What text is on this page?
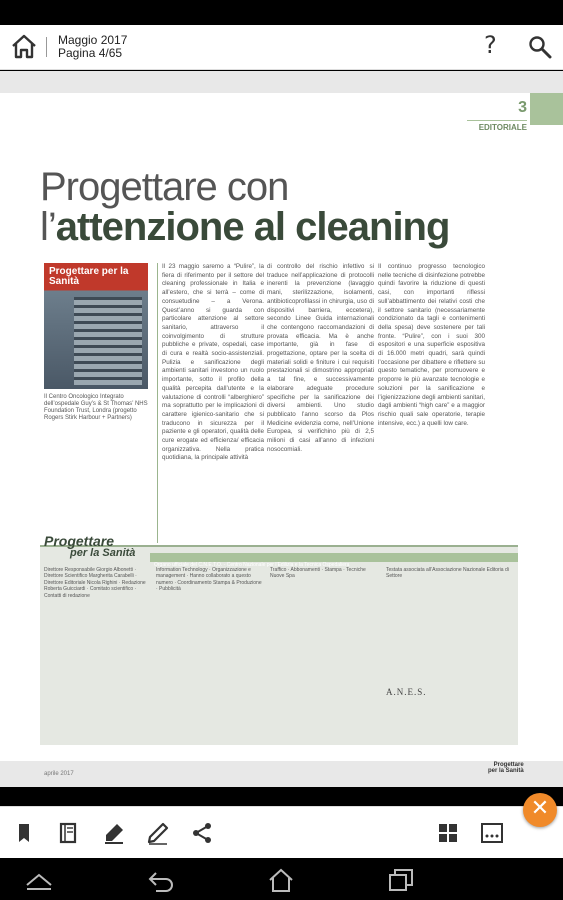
Maggio 2017
Pagina 4/65	?
3
EDITORIALE
Progettare con
l’attenzione al cleaning
Progettare per la Sanità
Il Centro Oncologico Integrato dell’ospedale Guy’s & St Thomas’ NHS Foundation Trust, Londra (progetto Rogers Stirk Harbour + Partners)

Il 23 maggio saremo a “Pulire”, la fiera di riferimento per il settore del cleaning professionale in Italia e all’estero, che si terrà – come di consuetudine – a Verona. Quest’anno si guarda con particolare attenzione al settore sanitario, attraverso il coinvolgimento di strutture pubbliche e private, ospedali, case di cura e realtà socio-assistenziali. Pulizia e sanificazione degli ambienti sanitari investono un ruolo importante, sotto il profilo della qualità percepita dall’utente e la valutazione di controlli “alberghiero” ma soprattutto per le implicazioni di carattere igienico-sanitario che si traducono in sicurezza per il paziente e gli operatori, qualità delle cure erogate ed efficienza/ efficacia organizzativa. Nella pratica quotidiana, la principale attività

di controllo del rischio infettivo si traduce nell’applicazione di protocolli inerenti la prevenzione (lavaggio mani, sterilizzazione, isolamenti, antibioticoprofilassi in chirurgia, uso di dispositivi barriera, eccetera), secondo Linee Guida internazionali che contengono raccomandazioni di provata efficacia. Ma è anche importante, già in fase di progettazione, optare per la scelta di materiali solidi e finiture i cui requisiti prestazionali si dimostrino appropriati a tal fine, e successivamente elaborare adeguate procedure specifiche per la sanificazione dei diversi ambienti. Uno studio pubblicato l’anno scorso da Plos Medicine evidenzia come, nell’Unione Europea, si verifichino più di 2,5 milioni di casi all’anno di infezioni nosocomiali.

Il continuo progresso tecnologico nelle tecniche di disinfezione potrebbe quindi favorire la riduzione di questi casi, con importanti riflessi sull’abbattimento dei relativi costi che il settore sanitario (necessariamente condizionato da tagli e contenimenti della spesa) deve sostenere per tali fronte. “Pulire”, con i suoi 300 espositori e una superficie espositiva di 16.000 metri quadri, sarà quindi l’occasione per dibattere e riflettere su questo tematiche, per promuovere e proporre le più avanzate tecnologie e soluzioni per la sanificazione e l’igienizzazione degli ambienti sanitari, dagli ambienti “high care” e a maggior rischio quali sale operatorie, terapie intensive, ecc.) a quelli low care.

Progettare
per la Sanità
Organo ufficiale del C.N.E.T.O. - Centro Nazionale per l’Edilizia e la Tecnica Ospedaliera
Direttore Responsabile Giorgio Albonetti · Direttore Scientifico Margherita Carabelli · Direttore Editoriale Nicola Righini · Redazione Roberta Guicciardi · Comitato scientifico · Contatti di redazione
Information Technology · Organizzazione e management · Hanno collaborato a questo numero · Coordinamento Stampa & Produzione · Pubblicità
Traffico · Abbonamenti · Stampa · Tecniche Nuove Spa
Testata associata all’Associazione Nazionale Editoria di Settore
A.N.E.S.
aprile 2017
Progettare
per la Sanità
✕
